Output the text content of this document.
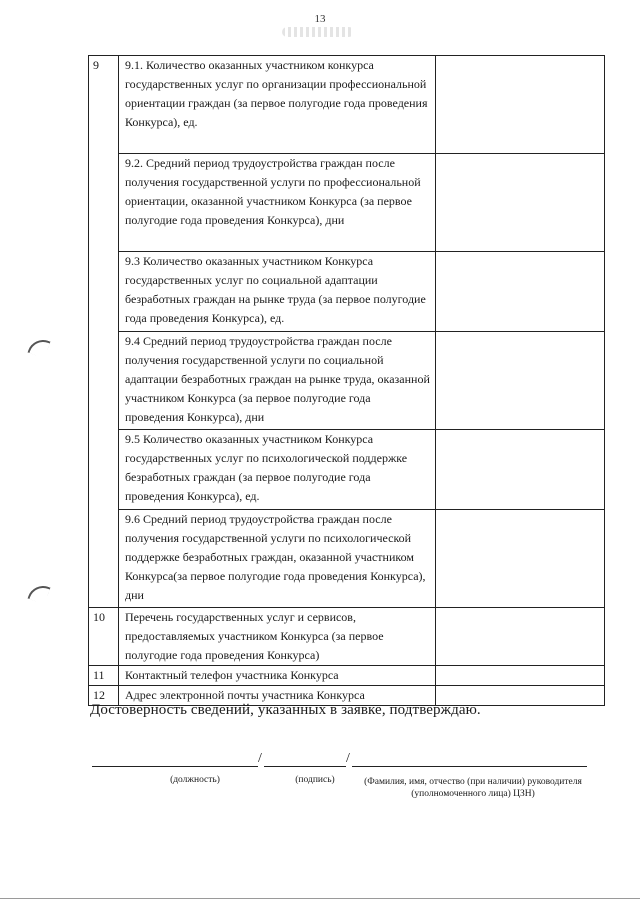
13
9	9.1. Количество оказанных участником конкурса государственных услуг по организации профессиональной ориентации граждан (за первое полугодие года проведения Конкурса), ед.	
	9.2. Средний период трудоустройства граждан после получения государственной услуги по профессиональной ориентации, оказанной участником Конкурса (за первое полугодие года проведения Конкурса), дни	
	9.3 Количество оказанных участником Конкурса государственных услуг по социальной адаптации безработных граждан на рынке труда (за первое полугодие года проведения Конкурса), ед.	
	9.4 Средний период трудоустройства граждан после получения государственной услуги по социальной адаптации безработных граждан на рынке труда, оказанной участником Конкурса (за первое полугодие года проведения Конкурса), дни	
	9.5 Количество оказанных участником Конкурса государственных услуг по психологической поддержке безработных граждан (за первое полугодие года проведения Конкурса), ед.	
	9.6 Средний период трудоустройства граждан после получения государственной услуги по психологической поддержке безработных граждан, оказанной участником Конкурса(за первое полугодие года проведения Конкурса), дни	
10	Перечень государственных услуг и сервисов, предоставляемых участником Конкурса (за первое полугодие года проведения Конкурса)	
11	Контактный телефон участника Конкурса	
12	Адрес электронной почты участника Конкурса	
Достоверность сведений, указанных в заявке, подтверждаю.
/	/
(должность)	(подпись)	(Фамилия, имя, отчество (при наличии) руководителя (уполномоченного лица) ЦЗН)
